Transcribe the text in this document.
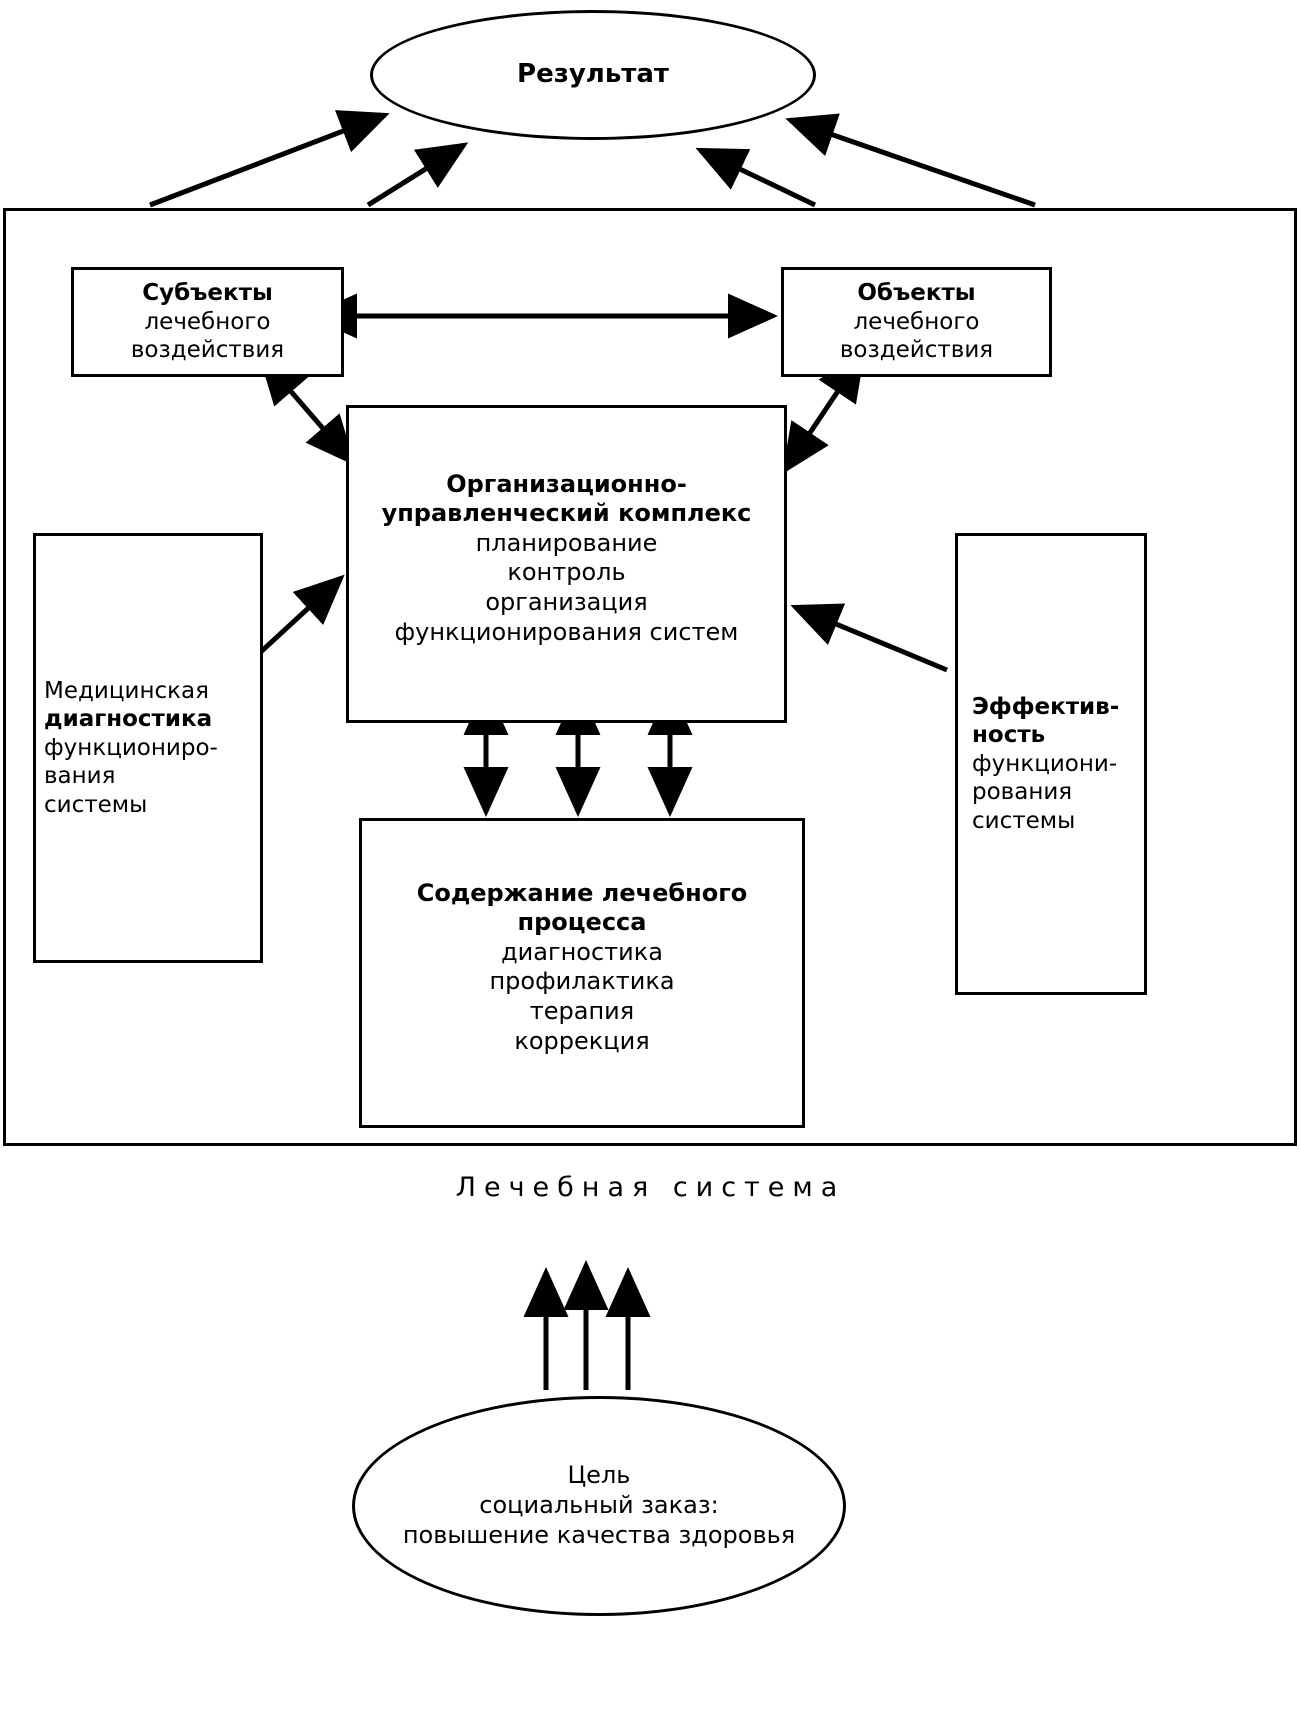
Результат
Субъекты
лечебного
воздействия
Объекты
лечебного
воздействия
Организационно-
управленческий комплекс
планирование
контроль
организация
функционирования систем
Содержание лечебного
процесса
диагностика
профилактика
терапия
коррекция
Медицинская
диагностика
функциониро-
вания
системы
Эффектив-
ность
функциони-
рования
системы
Лечебная система
Цель
социальный заказ:
повышение качества здоровья
